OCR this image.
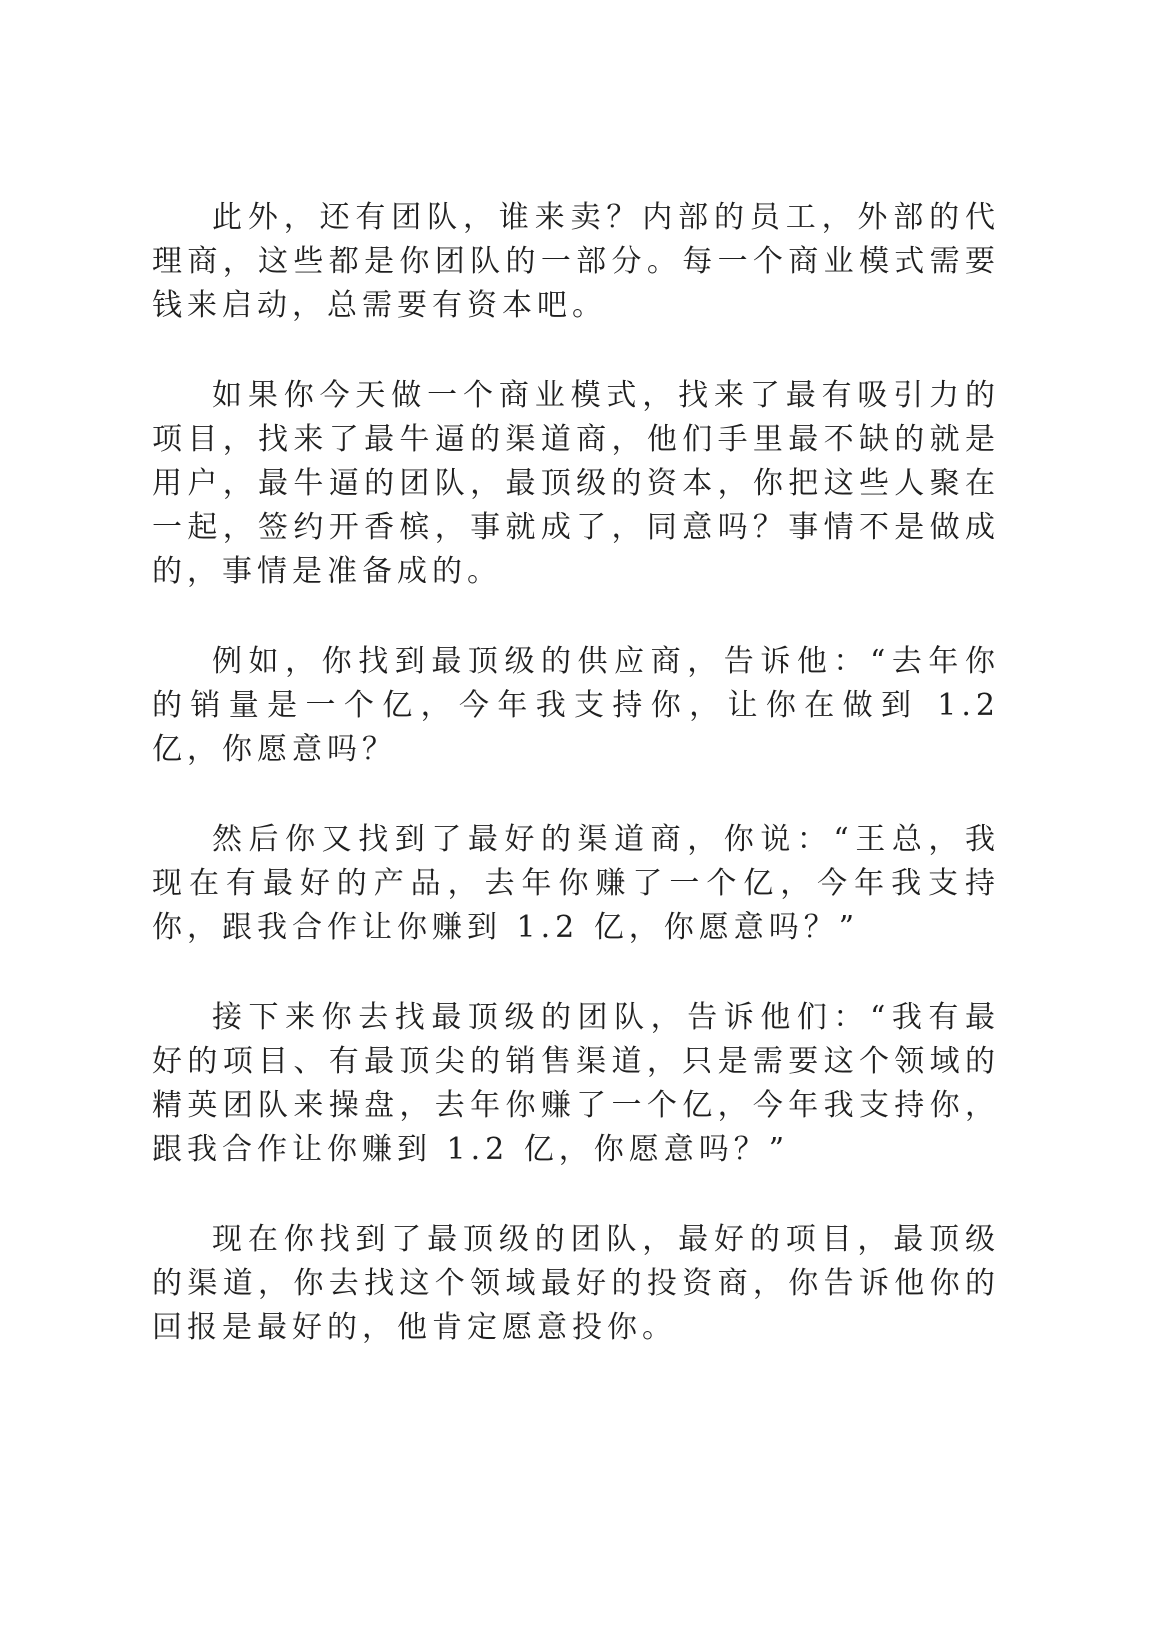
此外，还有团队，谁来卖？内部的员工，外部的代理商，这些都是你团队的一部分。每一个商业模式需要钱来启动，总需要有资本吧。

如果你今天做一个商业模式，找来了最有吸引力的项目，找来了最牛逼的渠道商，他们手里最不缺的就是用户，最牛逼的团队，最顶级的资本，你把这些人聚在一起，签约开香槟，事就成了，同意吗？事情不是做成的，事情是准备成的。

例如，你找到最顶级的供应商，告诉他：“去年你的销量是一个亿，今年我支持你，让你在做到 1.2 亿，你愿意吗？

然后你又找到了最好的渠道商，你说：“王总，我现在有最好的产品，去年你赚了一个亿，今年我支持你，跟我合作让你赚到 1.2 亿，你愿意吗？”

接下来你去找最顶级的团队，告诉他们：“我有最好的项目、有最顶尖的销售渠道，只是需要这个领域的精英团队来操盘，去年你赚了一个亿，今年我支持你，跟我合作让你赚到 1.2 亿，你愿意吗？”

现在你找到了最顶级的团队，最好的项目，最顶级的渠道，你去找这个领域最好的投资商，你告诉他你的回报是最好的，他肯定愿意投你。
